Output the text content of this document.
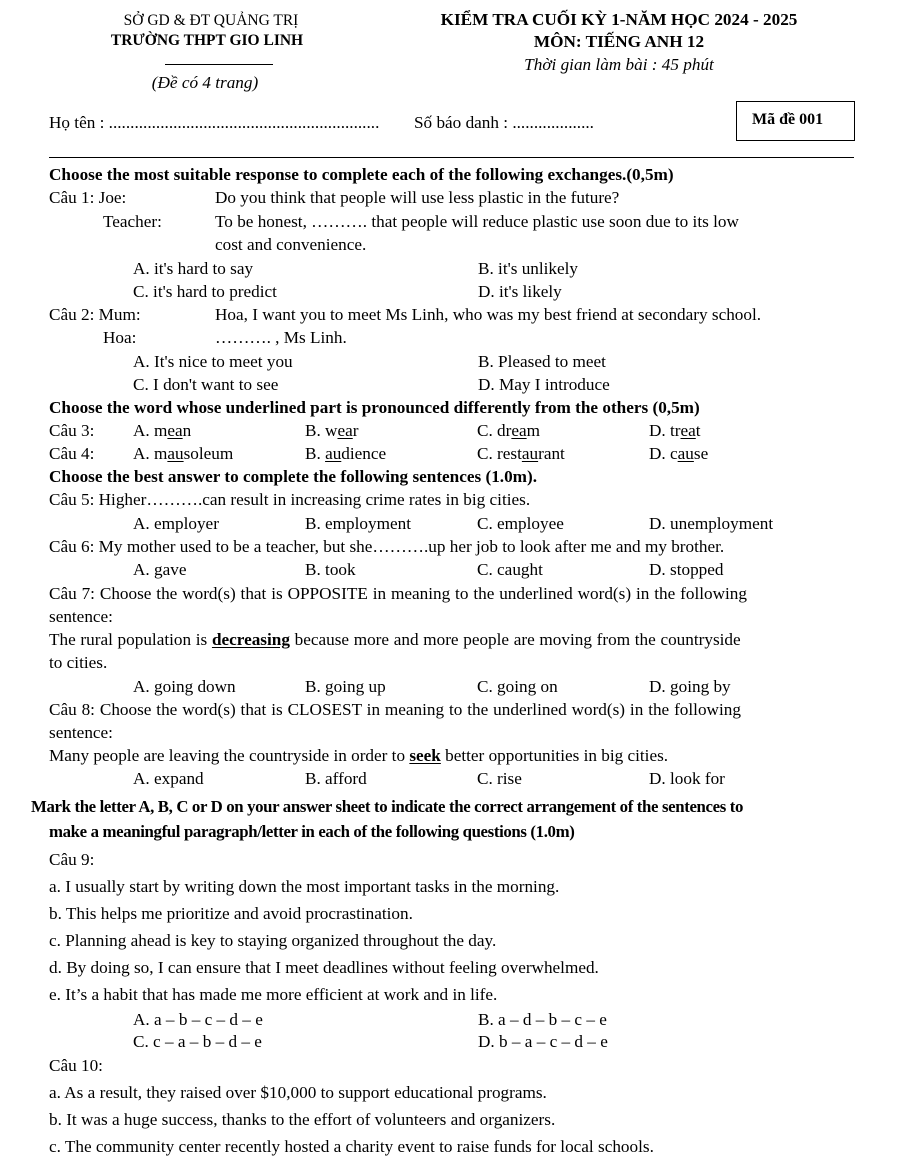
SỞ GD & ĐT QUẢNG TRỊ
TRƯỜNG THPT GIO LINH
(Đề có 4 trang)
KIỂM TRA CUỐI KỲ 1-NĂM HỌC 2024 - 2025
MÔN: TIẾNG ANH 12
Thời gian làm bài : 45 phút
Họ tên : ............................................................... Số báo danh : ...................	Mã đề 001
Choose the most suitable response to complete each of the following exchanges.(0,5m)
Câu 1: Joe:	Do you think that people will use less plastic in the future?
Teacher:	To be honest, ………. that people will reduce plastic use soon due to its low
cost and convenience.
A. it's hard to say	B. it's unlikely
C. it's hard to predict	D. it's likely
Câu 2: Mum:	Hoa, I want you to meet Ms Linh, who was my best friend at secondary school.
Hoa:	………. , Ms Linh.
A. It's nice to meet you	B. Pleased to meet
C. I don't want to see	D. May I introduce
Choose the word whose underlined part is pronounced differently from the others (0,5m)
Câu 3: A. mean	B. wear	C. dream	D. treat
Câu 4: A. mausoleum	B. audience	C. restaurant	D. cause
Choose the best answer to complete the following sentences (1.0m).
Câu 5: Higher……….can result in increasing crime rates in big cities.
A. employer	B. employment	C. employee	D. unemployment
Câu 6: My mother used to be a teacher, but she……….up her job to look after me and my brother.
A. gave	B. took	C. caught	D. stopped
Câu 7: Choose the word(s) that is OPPOSITE in meaning to the underlined word(s) in the following
sentence:
The rural population is decreasing because more and more people are moving from the countryside
to cities.
A. going down	B. going up	C. going on	D. going by
Câu 8: Choose the word(s) that is CLOSEST in meaning to the underlined word(s) in the following
sentence:
Many people are leaving the countryside in order to seek better opportunities in big cities.
A. expand	B. afford	C. rise	D. look for
Mark the letter A, B, C or D on your answer sheet to indicate the correct arrangement of the sentences to
make a meaningful paragraph/letter in each of the following questions (1.0m)
Câu 9:
a. I usually start by writing down the most important tasks in the morning.
b. This helps me prioritize and avoid procrastination.
c. Planning ahead is key to staying organized throughout the day.
d. By doing so, I can ensure that I meet deadlines without feeling overwhelmed.
e. It’s a habit that has made me more efficient at work and in life.
A. a – b – c – d – e	B. a – d – b – c – e
C. c – a – b – d – e	D. b – a – c – d – e
Câu 10:
a. As a result, they raised over $10,000 to support educational programs.
b. It was a huge success, thanks to the effort of volunteers and organizers.
c. The community center recently hosted a charity event to raise funds for local schools.
